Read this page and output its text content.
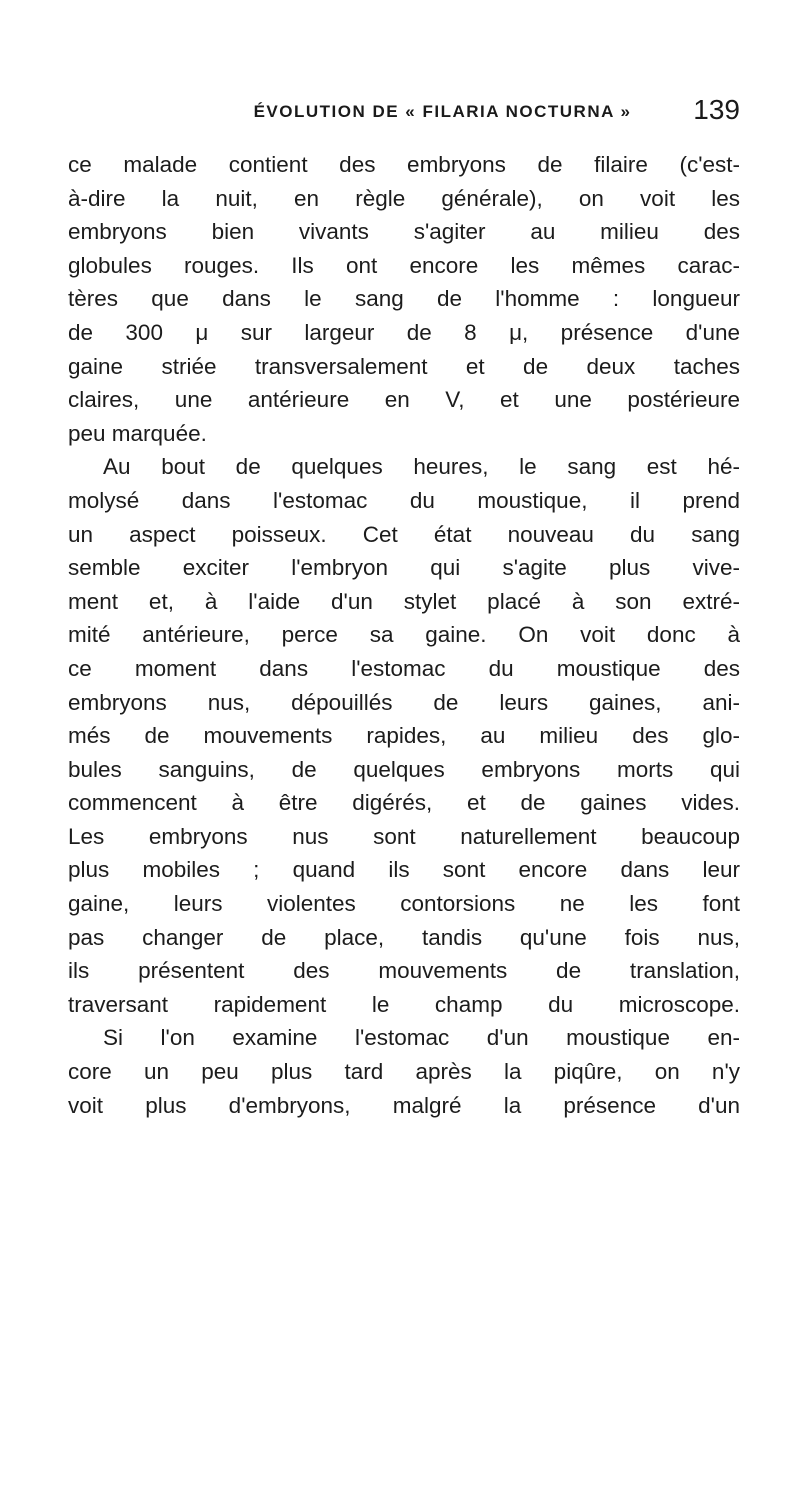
ÉVOLUTION DE « FILARIA NOCTURNA »	139
ce malade contient des embryons de filaire (c'est-
à-dire la nuit, en règle générale), on voit les
embryons bien vivants s'agiter au milieu des
globules rouges. Ils ont encore les mêmes carac-
tères que dans le sang de l'homme : longueur
de 300 μ sur largeur de 8 μ, présence d'une
gaine striée transversalement et de deux taches
claires, une antérieure en V, et une postérieure
peu marquée.
Au bout de quelques heures, le sang est hé-
molysé dans l'estomac du moustique, il prend
un aspect poisseux. Cet état nouveau du sang
semble exciter l'embryon qui s'agite plus vive-
ment et, à l'aide d'un stylet placé à son extré-
mité antérieure, perce sa gaine. On voit donc à
ce moment dans l'estomac du moustique des
embryons nus, dépouillés de leurs gaines, ani-
més de mouvements rapides, au milieu des glo-
bules sanguins, de quelques embryons morts qui
commencent à être digérés, et de gaines vides.
Les embryons nus sont naturellement beaucoup
plus mobiles ; quand ils sont encore dans leur
gaine, leurs violentes contorsions ne les font
pas changer de place, tandis qu'une fois nus,
ils présentent des mouvements de translation,
traversant rapidement le champ du microscope.
Si l'on examine l'estomac d'un moustique en-
core un peu plus tard après la piqûre, on n'y
voit plus d'embryons, malgré la présence d'un
